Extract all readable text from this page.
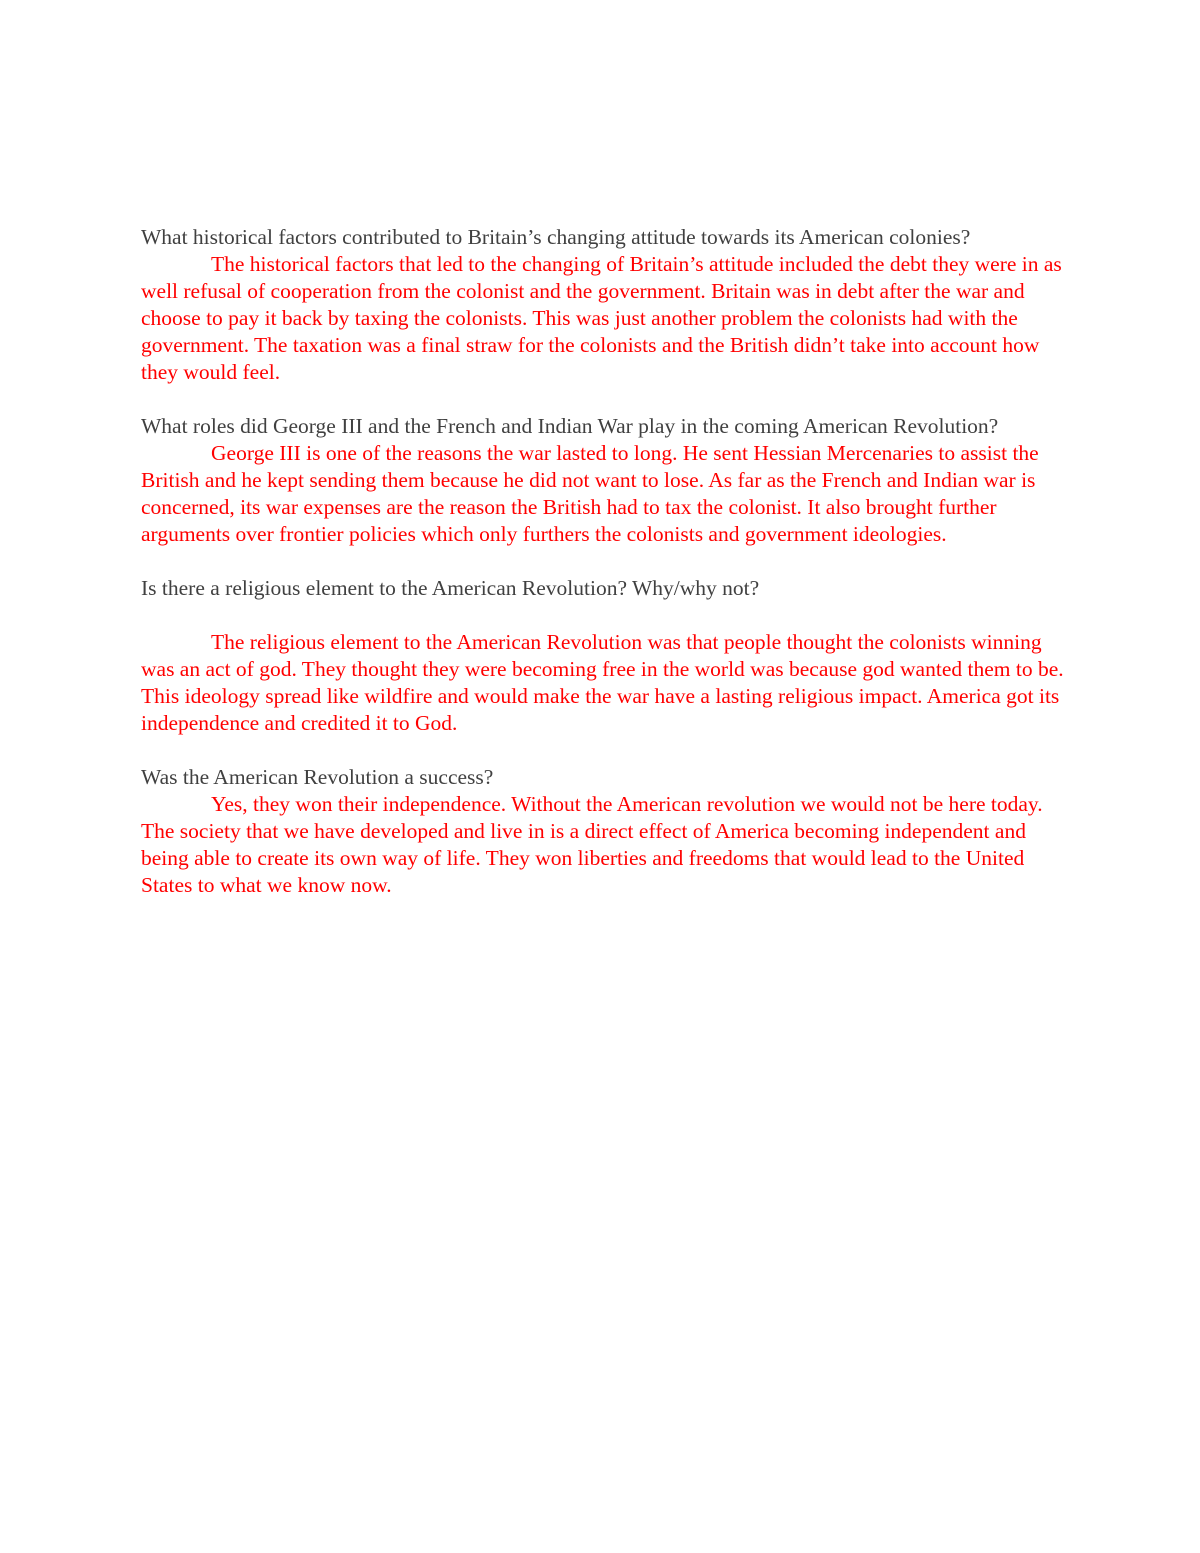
What historical factors contributed to Britain’s changing attitude towards its American colonies?

The historical factors that led to the changing of Britain’s attitude included the debt they were in as well refusal of cooperation from the colonist and the government. Britain was in debt after the war and choose to pay it back by taxing the colonists. This was just another problem the colonists had with the government. The taxation was a final straw for the colonists and the British didn’t take into account how they would feel.

What roles did George III and the French and Indian War play in the coming American Revolution?

George III is one of the reasons the war lasted to long. He sent Hessian Mercenaries to assist the British and he kept sending them because he did not want to lose. As far as the French and Indian war is concerned, its war expenses are the reason the British had to tax the colonist. It also brought further arguments over frontier policies which only furthers the colonists and government ideologies.

Is there a religious element to the American Revolution? Why/why not?

The religious element to the American Revolution was that people thought the colonists winning was an act of god. They thought they were becoming free in the world was because god wanted them to be. This ideology spread like wildfire and would make the war have a lasting religious impact. America got its independence and credited it to God.

Was the American Revolution a success?

Yes, they won their independence. Without the American revolution we would not be here today. The society that we have developed and live in is a direct effect of America becoming independent and being able to create its own way of life. They won liberties and freedoms that would lead to the United States to what we know now.
